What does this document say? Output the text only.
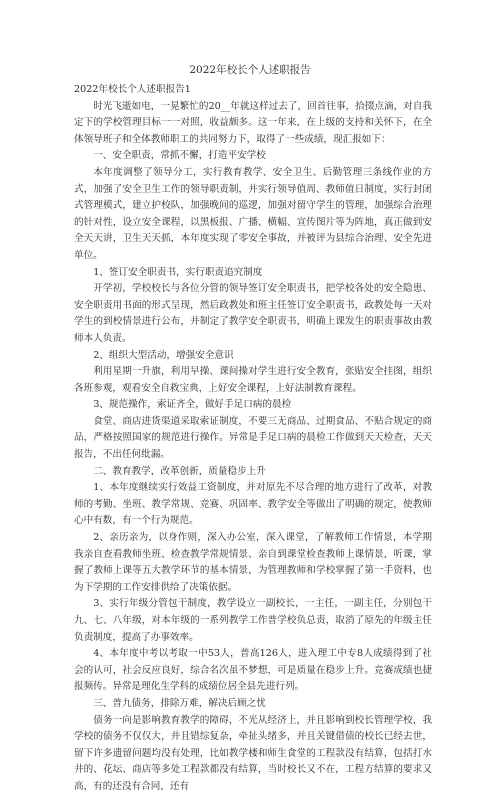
2022年校长个人述职报告

2022年校长个人述职报告1

时光飞逝如电，一晃繁忙的20__年就这样过去了，回首往事，拾掇点滴，对自我定下的学校管理目标一一对照，收益颇多。这一年来，在上级的支持和关怀下，在全体领导班子和全体教师职工的共同努力下，取得了一些成绩，现汇报如下：

一、安全职责，常抓不懈，打造平安学校

本年度调整了领导分工，实行教育教学、安全卫生、后勤管理三条线作业的方式，加强了安全卫生工作的领导职责制，并实行领导值周、教师值日制度，实行封闭式管理模式，建立护校队，加强晚间的巡逻，加强对留守学生的管理，加强综合治理的针对性，设立安全课程，以黑板报、广播、横幅、宣传图片等为阵地，真正做到安全天天讲，卫生天天抓，本年度实现了零安全事故，并被评为县综合治理、安全先进单位。

1、签订安全职责书，实行职责追究制度

开学初，学校校长与各位分管的领导签订安全职责书，把学校各处的安全隐患、安全职责用书面的形式呈现，然后政教处和班主任签订安全职责书，政教处每一天对学生的到校情景进行公布，并制定了教学安全职责书，明确上课发生的职责事故由教师本人负责。

2、组织大型活动，增强安全意识

利用星期一升旗，利用早操、课间操对学生进行安全教育，张贴安全挂图，组织各班参观，观看安全自救宝典，上好安全课程，上好法制教育课程。

3、规范操作，索证齐全，做好手足口病的晨检

食堂、商店进货渠道采取索证制度，不要三无商品、过期食品、不贴合规定的商品，严格按照国家的规范进行操作。异常是手足口病的晨检工作做到天天检查，天天报告，不出任何纰漏。

二、教育教学，改革创新，质量稳步上升

1、本年度继续实行效益工资制度，并对原先不尽合理的地方进行了改革，对教师的考勤、坐班、教学常规、竞赛、巩固率、教学安全等做出了明确的规定，使教师心中有数，有一个行为规范。

2、亲历亲为，以身作则，深入办公室，深入课堂，了解教师工作情景，本学期我亲自查看教师坐班、检查教学常规情景、亲自到课堂检查教师上课情景，听课，掌握了教师上课等五大教学环节的基本情景，为管理教师和学校掌握了第一手资料，也为下学期的工作安排供给了决策依据。

3、实行年级分管包干制度，教学设立一副校长，一主任，一副主任，分别包干九、七、八年级，对本年级的一系列教学工作普学校负总责，取消了原先的年级主任负责制度，提高了办事效率。

4、本年度中考以考取一中53人，普高126人，进入理工中专8人成绩得到了社会的认可，社会反应良好，综合名次虽不梦想，可是质量在稳步上升。竞赛成绩也捷报频传。异常是理化生学科的成绩位居全县先进行列。

三、普九债务，排除万难，解决后顾之忧

债务一向是影响教育教学的障碍，不光从经济上，并且影响到校长管理学校，我学校的债务不仅仅大，并且错综复杂，牵扯头绪多，并且关键借债的校长已经去世，留下许多遗留问题均没有处理，比如教学楼和师生食堂的工程款没有结算，包括打水井的、花坛、商店等多处工程款都没有结算，当时校长又不在，工程方结算的要求又高，有的还没有合同，还有
